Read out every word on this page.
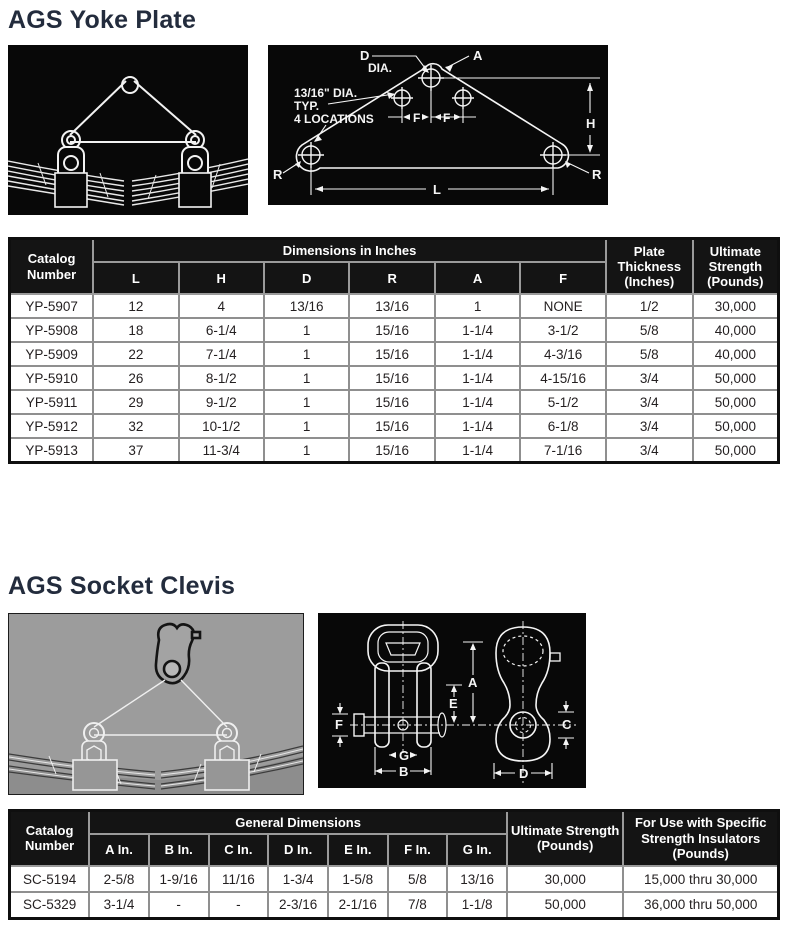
AGS Yoke Plate
D
DIA.
A
13/16" DIA.
TYP.
4 LOCATIONS	F F	H
L
R	R
Catalog Number	Dimensions in Inches						Plate Thickness (Inches)	Ultimate Strength (Pounds)
	L	H	D	R	A	F		
YP-5907	12	4	13/16	13/16	1	NONE	1/2	30,000
YP-5908	18	6-1/4	1	15/16	1-1/4	3-1/2	5/8	40,000
YP-5909	22	7-1/4	1	15/16	1-1/4	4-3/16	5/8	40,000
YP-5910	26	8-1/2	1	15/16	1-1/4	4-15/16	3/4	50,000
YP-5911	29	9-1/2	1	15/16	1-1/4	5-1/2	3/4	50,000
YP-5912	32	10-1/2	1	15/16	1-1/4	6-1/8	3/4	50,000
YP-5913	37	11-3/4	1	15/16	1-1/4	7-1/16	3/4	50,000
AGS Socket Clevis
A
E
F
G
B
C
D
Catalog Number	General Dimensions							Ultimate Strength (Pounds)	For Use with Specific Strength Insulators (Pounds)
	A In.	B In.	C In.	D In.	E In.	F In.	G In.		
SC-5194	2-5/8	1-9/16	11/16	1-3/4	1-5/8	5/8	13/16	30,000	15,000 thru 30,000
SC-5329	3-1/4	-	-	2-3/16	2-1/16	7/8	1-1/8	50,000	36,000 thru 50,000
